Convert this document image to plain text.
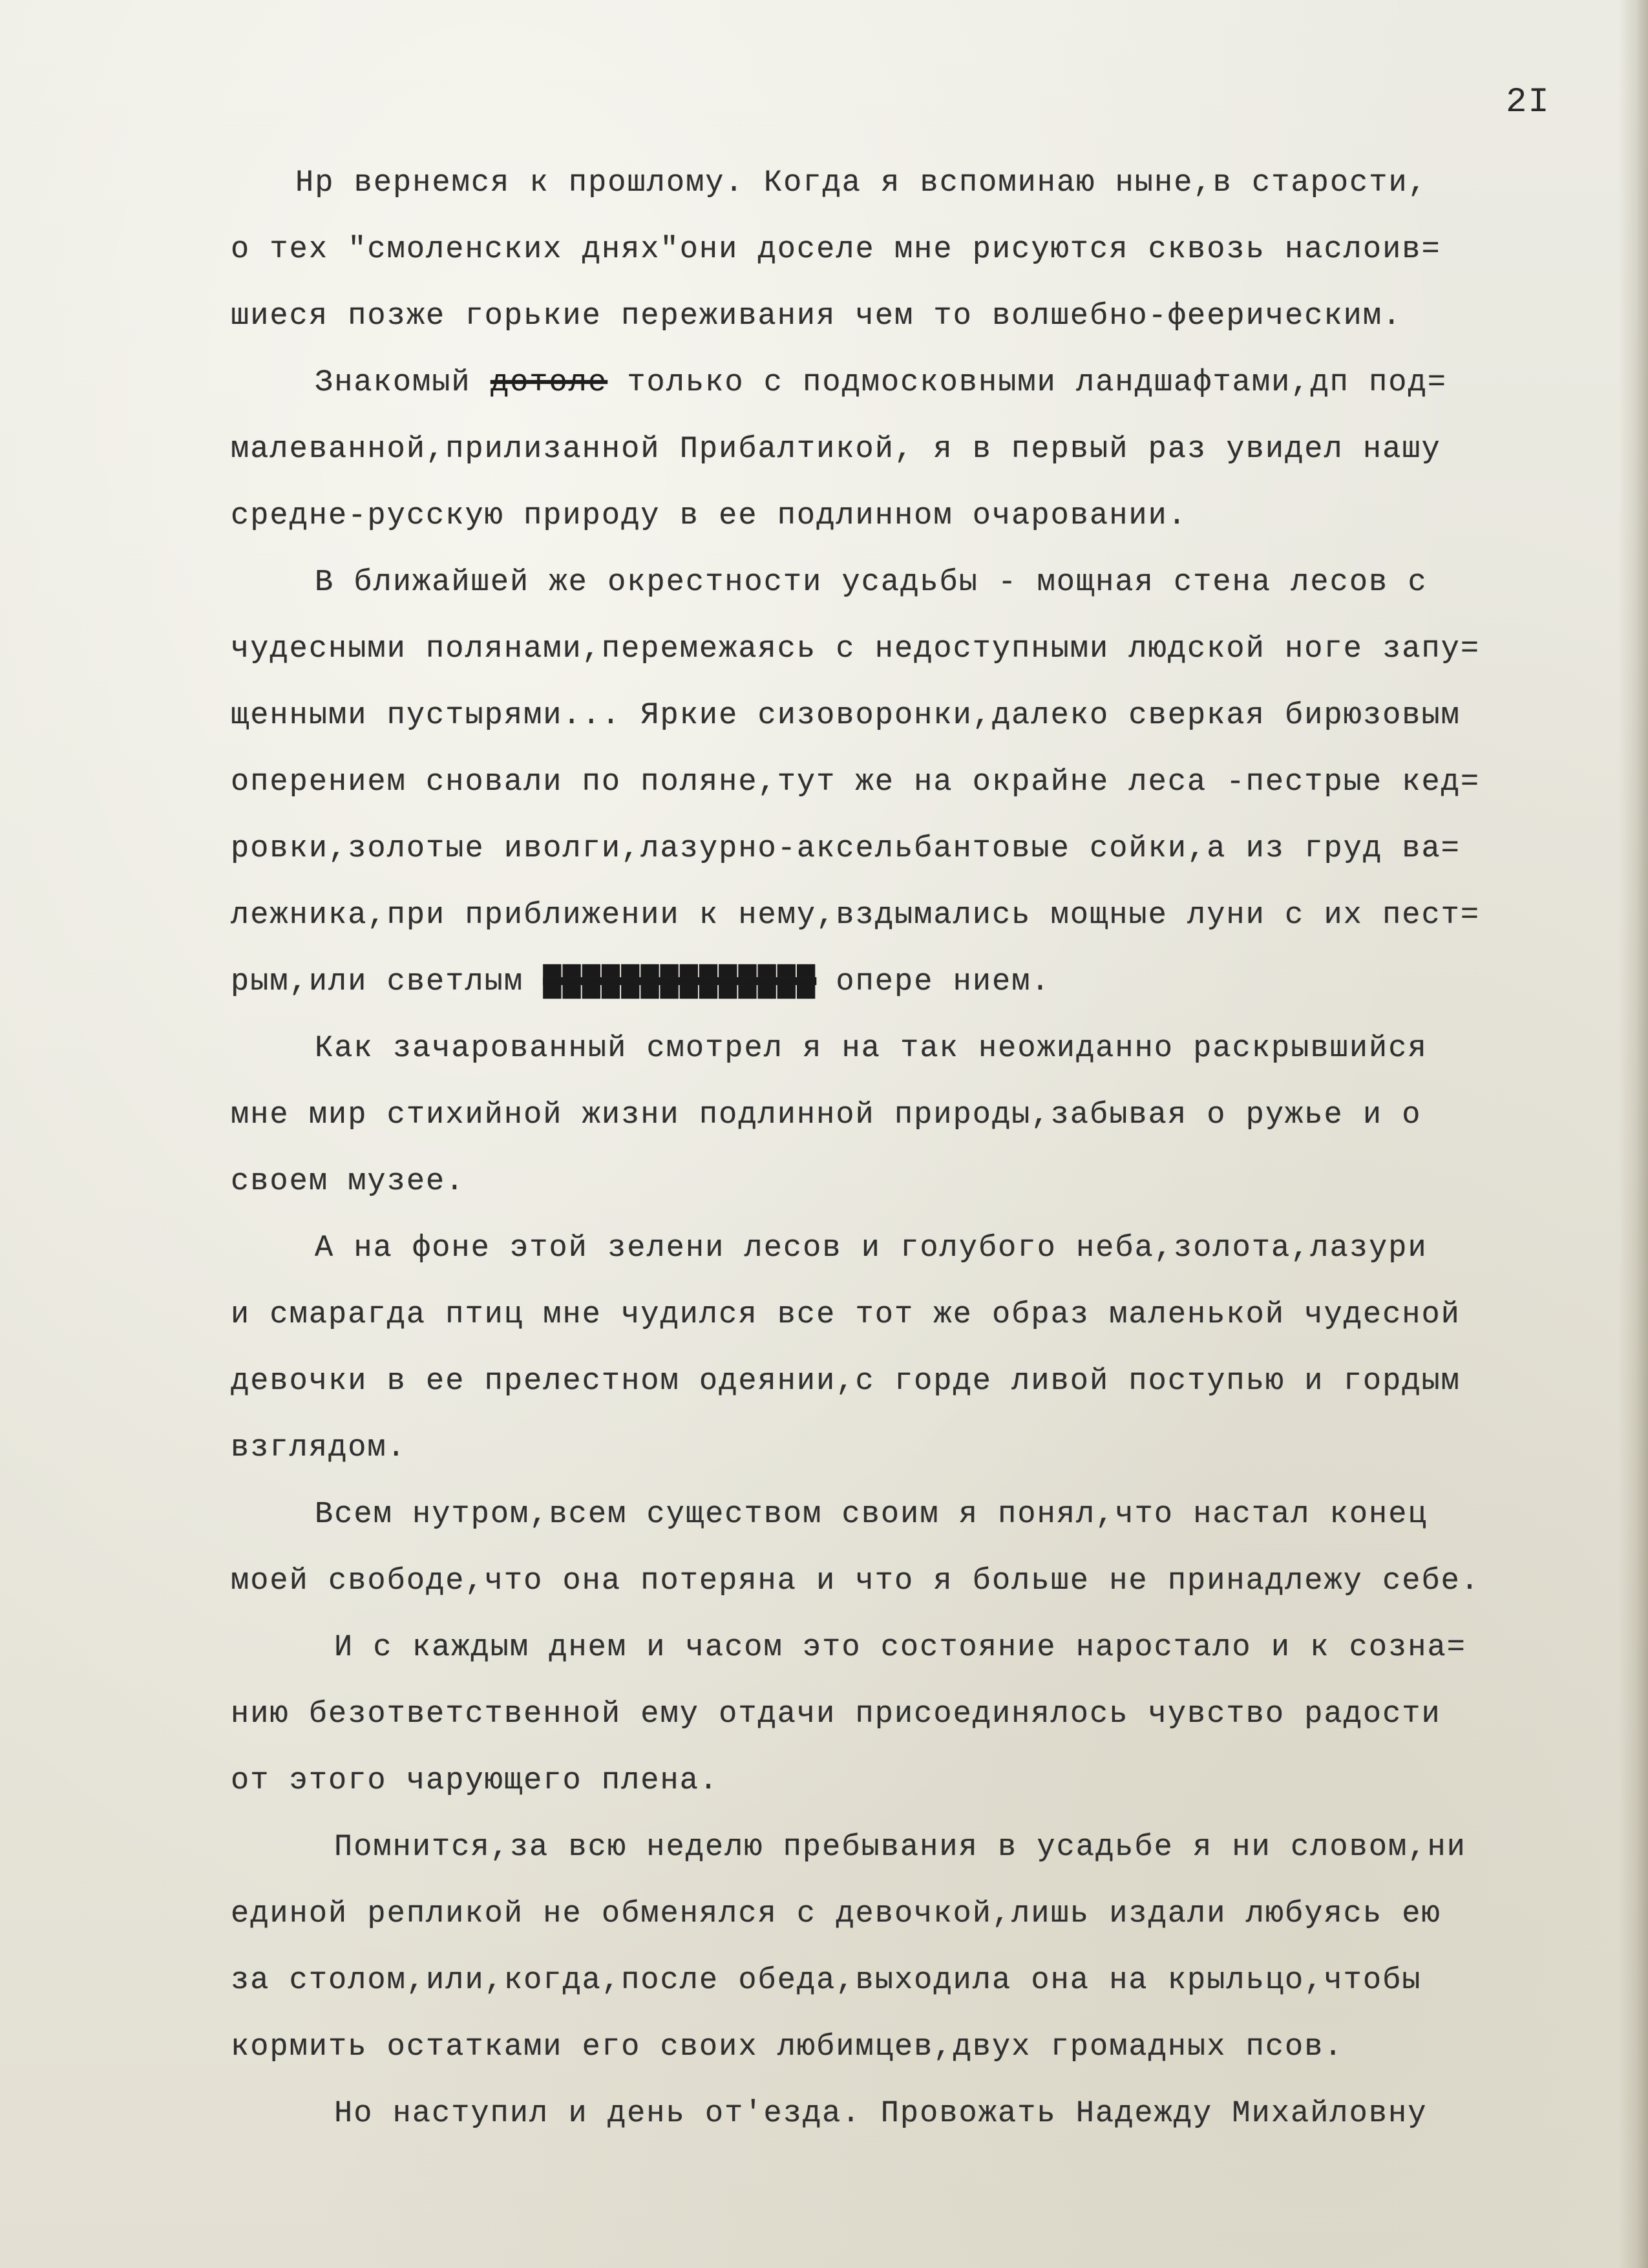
2I
Hp вернемся к прошлому. Когда я вспоминаю ныне,в старости,
о тех "смоленских днях"они доселе мне рисуются сквозь наслоив=
шиеся позже горькие переживания чем то волшебно-феерическим.
Знакомый дотоле только с подмосковными ландшафтами,дп под=
малеванной,прилизанной Прибалтикой, я в первый раз увидел нашу
средне-русскую природу в ее подлинном очаровании.
В ближайшей же окрестности усадьбы - мощная стена лесов с
чудесными полянами,перемежаясь с недоступными людской ноге запу=
щенными пустырями... Яркие сизоворонки,далеко сверкая бирюзовым
оперением сновали по поляне,тут же на окрайне леса -пестрые кед=
ровки,золотые иволги,лазурно-аксельбантовые сойки,а из груд ва=
лежника,при приближении к нему,вздымались мощные луни с их пест=
рым,или светлым ██████████████ опере нием.
Как зачарованный смотрел я на так неожиданно раскрывшийся
мне мир стихийной жизни подлинной природы,забывая о ружье и о
своем музее.
А на фоне этой зелени лесов и голубого неба,золота,лазури
и смарагда птиц мне чудился все тот же образ маленькой чудесной
девочки в ее прелестном одеянии,с горде ливой поступью и гордым
взглядом.
Всем нутром,всем существом своим я понял,что настал конец
моей свободе,что она потеряна и что я больше не принадлежу себе.
И с каждым днем и часом это состояние наростало и к созна=
нию безответственной ему отдачи присоединялось чувство радости
от этого чарующего плена.
Помнится,за всю неделю пребывания в усадьбе я ни словом,ни
единой репликой не обменялся с девочкой,лишь издали любуясь ею
за столом,или,когда,после обеда,выходила она на крыльцо,чтобы
кормить остатками его своих любимцев,двух громадных псов.
Но наступил и день от'езда. Провожать Надежду Михайловну
